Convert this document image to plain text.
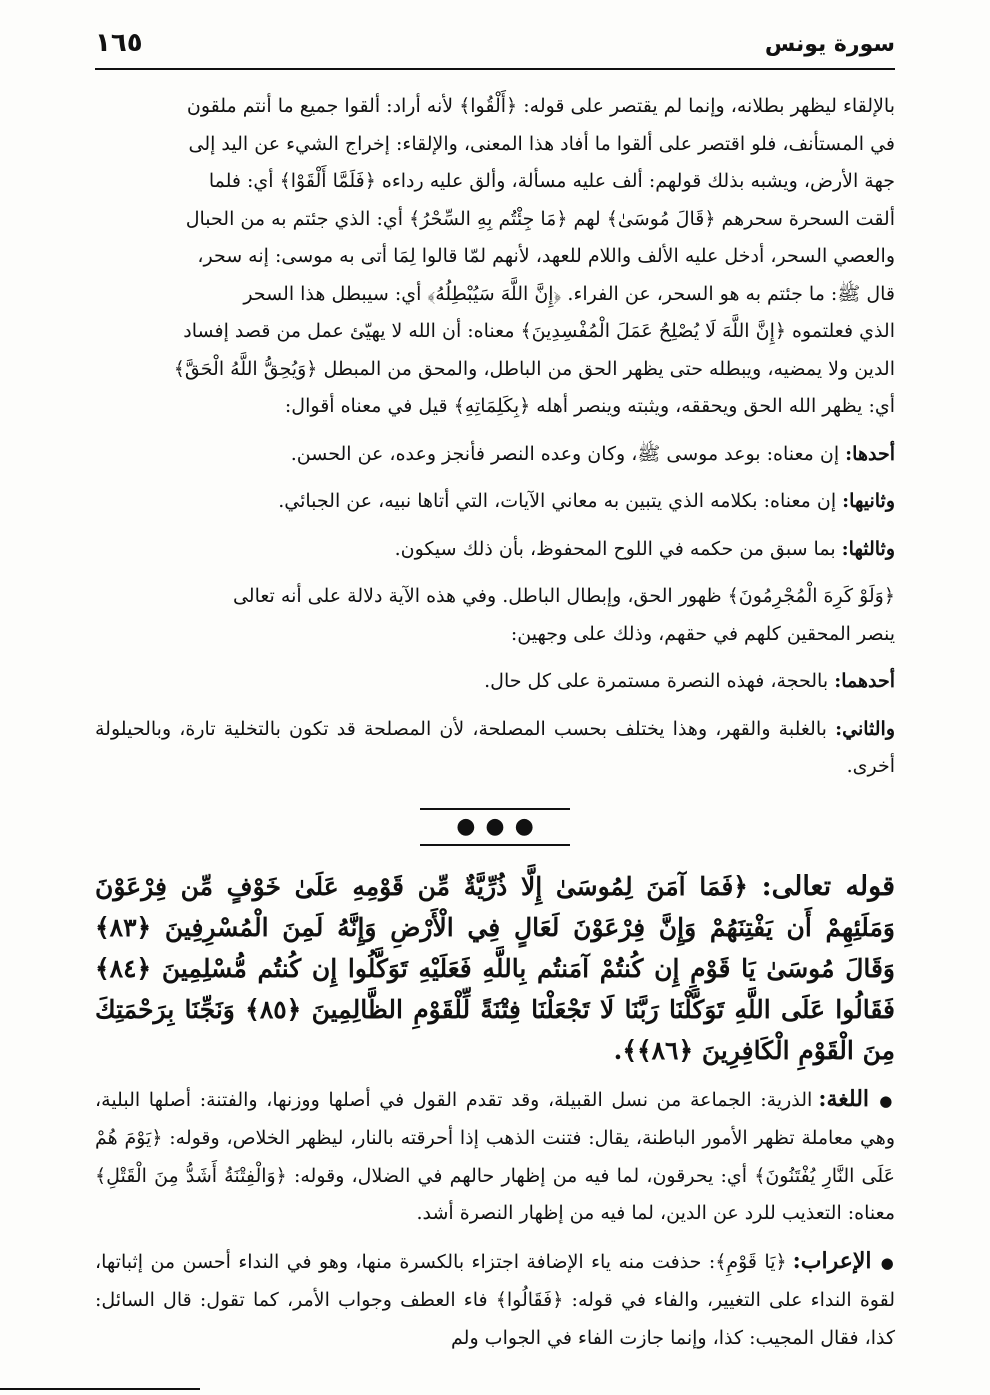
١٦٥	سورة يونس

بالإلقاء ليظهر بطلانه، وإنما لم يقتصر على قوله: ﴿أَلْقُوا﴾ لأنه أراد: ألقوا جميع ما أنتم ملقون

في المستأنف، فلو اقتصر على ألقوا ما أفاد هذا المعنى، والإلقاء: إخراج الشيء عن اليد إلى

جهة الأرض، ويشبه بذلك قولهم: ألف عليه مسألة، وألق عليه رداءه ﴿فَلَمَّا أَلْقَوْا﴾ أي: فلما

ألقت السحرة سحرهم ﴿قَالَ مُوسَىٰ﴾ لهم ﴿مَا جِئْتُم بِهِ السِّحْرُ﴾ أي: الذي جئتم به من الحبال

والعصي السحر، أدخل عليه الألف واللام للعهد، لأنهم لمّا قالوا لِمَا أتى به موسى: إنه سحر،

قال ﷺ: ما جئتم به هو السحر، عن الفراء. ﴿إِنَّ اللَّهَ سَيُبْطِلُهُ﴾ أي: سيبطل هذا السحر

الذي فعلتموه ﴿إِنَّ اللَّهَ لَا يُصْلِحُ عَمَلَ الْمُفْسِدِينَ﴾ معناه: أن الله لا يهيّئ عمل من قصد إفساد

الدين ولا يمضيه، ويبطله حتى يظهر الحق من الباطل، والمحق من المبطل ﴿وَيُحِقُّ اللَّهُ الْحَقَّ﴾

أي: يظهر الله الحق ويحققه، ويثبته وينصر أهله ﴿بِكَلِمَاتِهِ﴾ قيل في معناه أقوال:

أحدها: إن معناه: بوعد موسى ﷺ، وكان وعده النصر فأنجز وعده، عن الحسن.

وثانيها: إن معناه: بكلامه الذي يتبين به معاني الآيات، التي أتاها نبيه، عن الجبائي.

وثالثها: بما سبق من حكمه في اللوح المحفوظ، بأن ذلك سيكون.

﴿وَلَوْ كَرِهَ الْمُجْرِمُونَ﴾ ظهور الحق، وإبطال الباطل. وفي هذه الآية دلالة على أنه تعالى

ينصر المحقين كلهم في حقهم، وذلك على وجهين:

أحدهما: بالحجة، فهذه النصرة مستمرة على كل حال.

والثاني: بالغلبة والقهر، وهذا يختلف بحسب المصلحة، لأن المصلحة قد تكون بالتخلية تارة، وبالحيلولة أخرى.

●●●

قوله تعالى: ﴿فَمَا آمَنَ لِمُوسَىٰ إِلَّا ذُرِّيَّةٌ مِّن قَوْمِهِ عَلَىٰ خَوْفٍ مِّن فِرْعَوْنَ وَمَلَئِهِمْ أَن يَفْتِنَهُمْ وَإِنَّ فِرْعَوْنَ لَعَالٍ فِي الْأَرْضِ وَإِنَّهُ لَمِنَ الْمُسْرِفِينَ ﴿٨٣﴾ وَقَالَ مُوسَىٰ يَا قَوْمِ إِن كُنتُمْ آمَنتُم بِاللَّهِ فَعَلَيْهِ تَوَكَّلُوا إِن كُنتُم مُّسْلِمِينَ ﴿٨٤﴾ فَقَالُوا عَلَى اللَّهِ تَوَكَّلْنَا رَبَّنَا لَا تَجْعَلْنَا فِتْنَةً لِّلْقَوْمِ الظَّالِمِينَ ﴿٨٥﴾ وَنَجِّنَا بِرَحْمَتِكَ مِنَ الْقَوْمِ الْكَافِرِينَ ﴿٨٦﴾﴾.

● اللغة: الذرية: الجماعة من نسل القبيلة، وقد تقدم القول في أصلها ووزنها، والفتنة: أصلها البلية، وهي معاملة تظهر الأمور الباطنة، يقال: فتنت الذهب إذا أحرقته بالنار، ليظهر الخلاص، وقوله: ﴿يَوْمَ هُمْ عَلَى النَّارِ يُفْتَنُونَ﴾ أي: يحرقون، لما فيه من إظهار حالهم في الضلال، وقوله: ﴿وَالْفِتْنَةُ أَشَدُّ مِنَ الْقَتْلِ﴾ معناه: التعذيب للرد عن الدين، لما فيه من إظهار النصرة أشد.

● الإعراب: ﴿يَا قَوْمِ﴾: حذفت منه ياء الإضافة اجتزاء بالكسرة منها، وهو في النداء أحسن من إثباتها، لقوة النداء على التغيير، والفاء في قوله: ﴿فَقَالُوا﴾ فاء العطف وجواب الأمر، كما تقول: قال السائل: كذا، فقال المجيب: كذا، وإنما جازت الفاء في الجواب ولم
